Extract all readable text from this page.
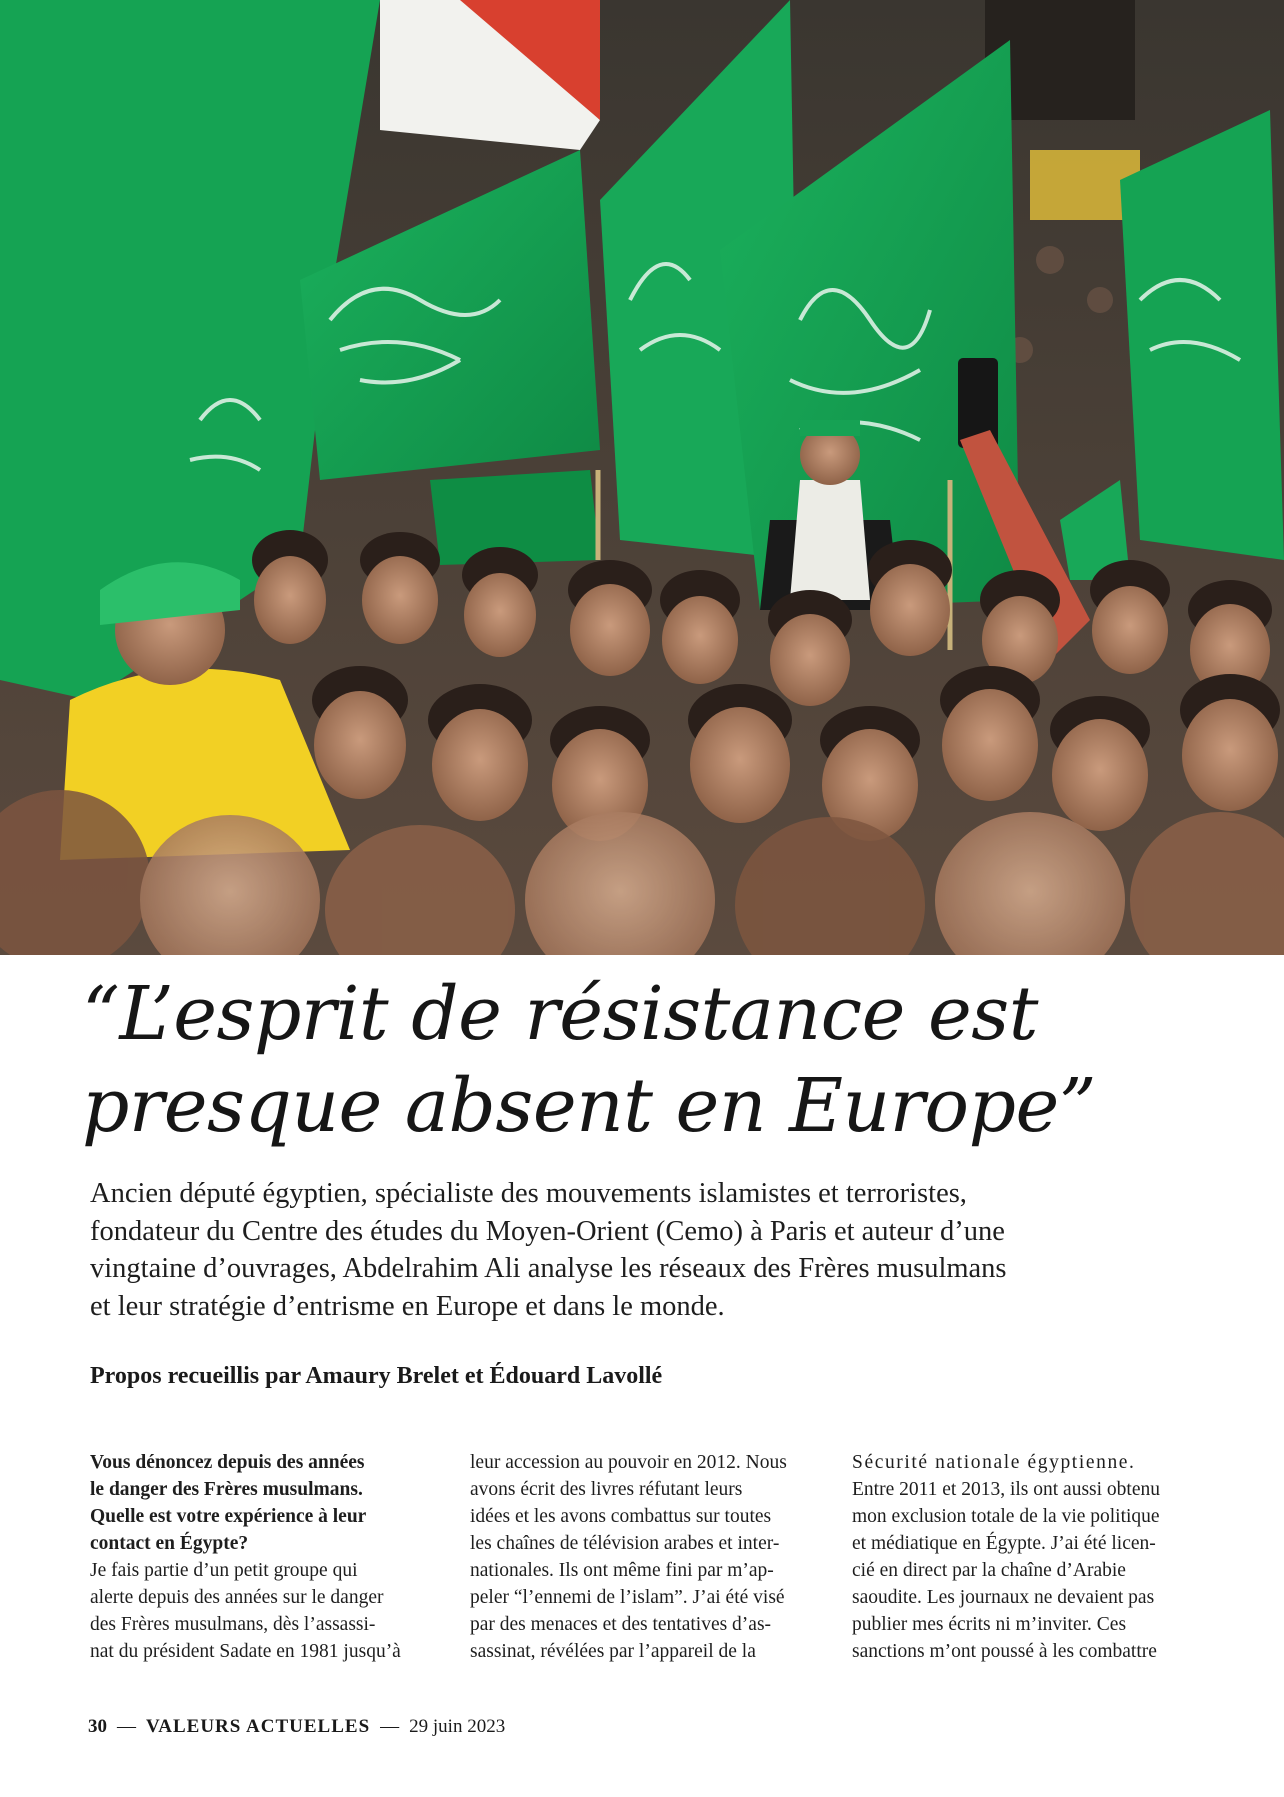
“L’esprit de résistance est
presque absent en Europe”

Ancien député égyptien, spécialiste des mouvements islamistes et terroristes,
fondateur du Centre des études du Moyen-Orient (Cemo) à Paris et auteur d’une
vingtaine d’ouvrages, Abdelrahim Ali analyse les réseaux des Frères musulmans
et leur stratégie d’entrisme en Europe et dans le monde.

Propos recueillis par Amaury Brelet et Édouard Lavollé

Vous dénoncez depuis des années
le danger des Frères musulmans.
Quelle est votre expérience à leur
contact en Égypte?
Je fais partie d’un petit groupe qui
alerte depuis des années sur le danger
des Frères musulmans, dès l’assassi-
nat du président Sadate en 1981 jusqu’à
leur accession au pouvoir en 2012. Nous
avons écrit des livres réfutant leurs
idées et les avons combattus sur toutes
les chaînes de télévision arabes et inter-
nationales. Ils ont même fini par m’ap-
peler “l’ennemi de l’islam”. J’ai été visé
par des menaces et des tentatives d’as-
sassinat, révélées par l’appareil de la
Sécurité nationale égyptienne.
Entre 2011 et 2013, ils ont aussi obtenu
mon exclusion totale de la vie politique
et médiatique en Égypte. J’ai été licen-
cié en direct par la chaîne d’Arabie
saoudite. Les journaux ne devaient pas
publier mes écrits ni m’inviter. Ces
sanctions m’ont poussé à les combattre
30 — VALEURS ACTUELLES — 29 juin 2023
